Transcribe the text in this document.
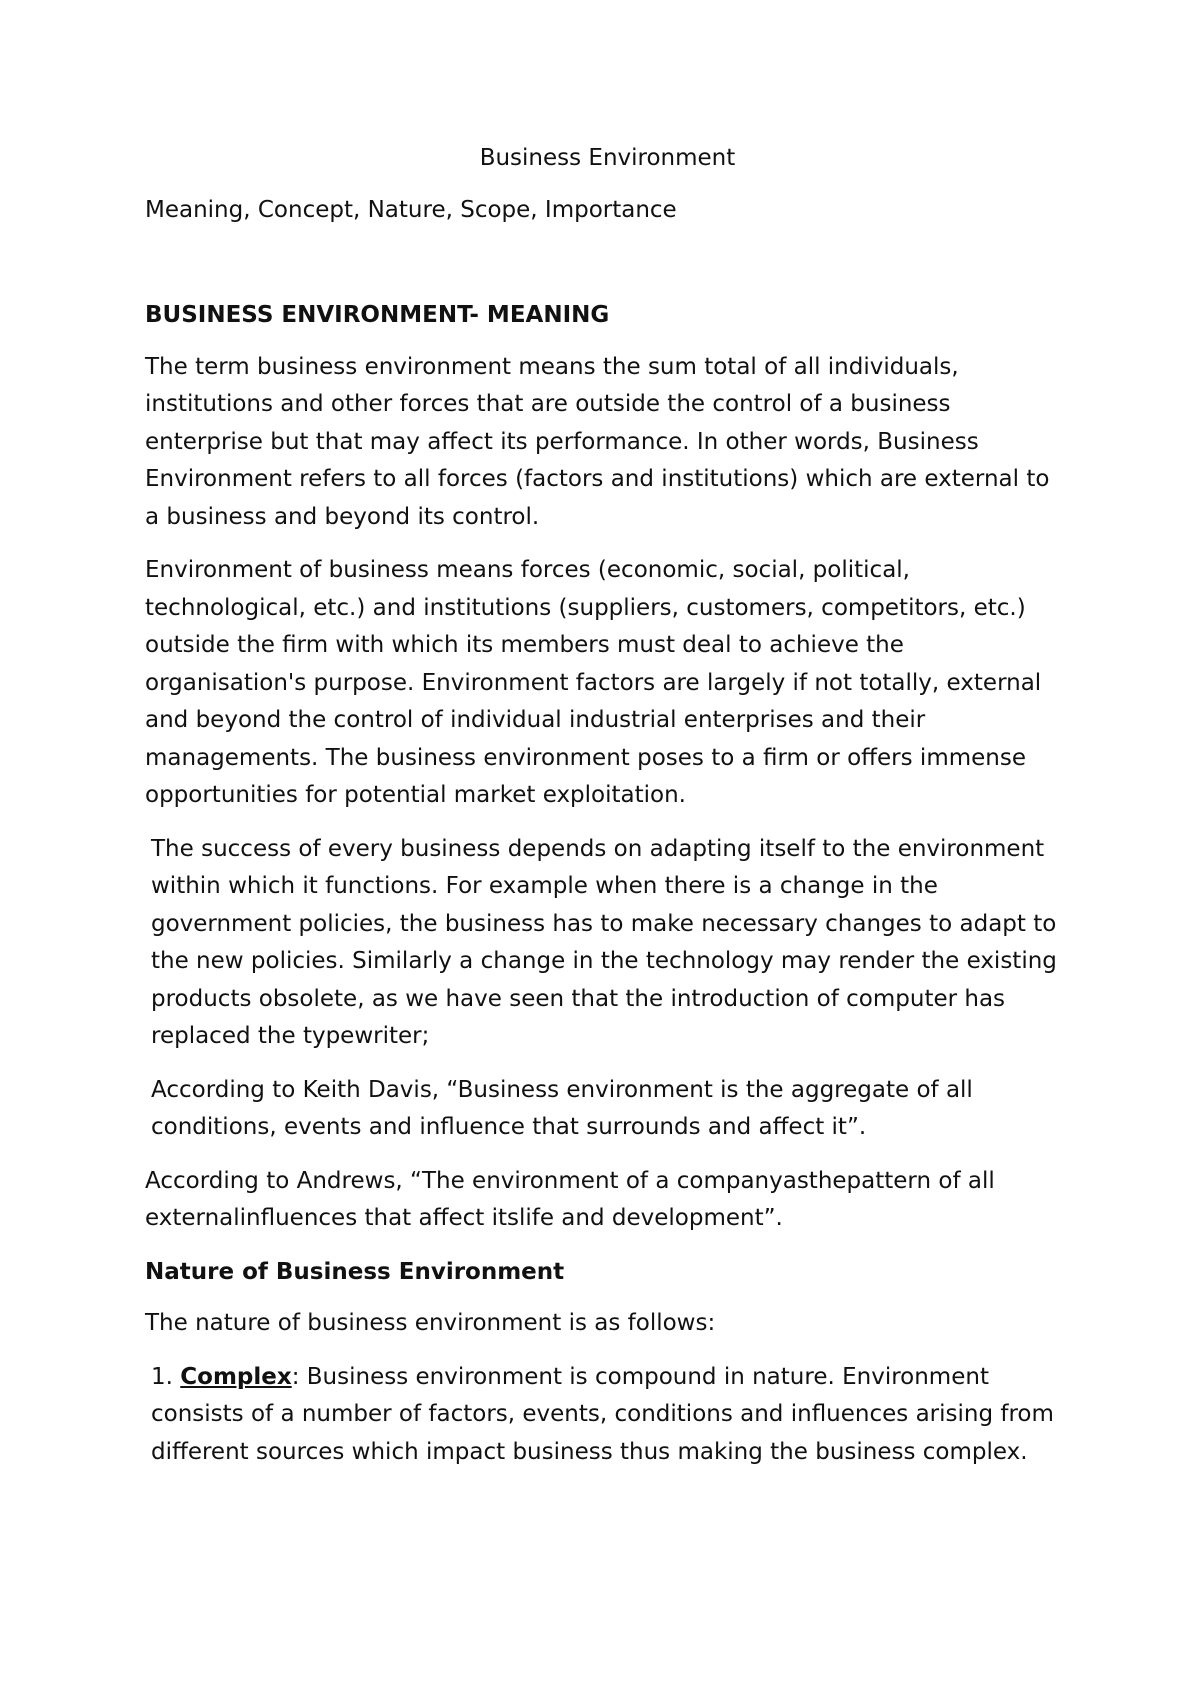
Business Environment

Meaning, Concept, Nature, Scope, Importance

BUSINESS ENVIRONMENT- MEANING

The term business environment means the sum total of all individuals, institutions and other forces that are outside the control of a business enterprise but that may affect its performance. In other words, Business Environment refers to all forces (factors and institutions) which are external to a business and beyond its control.

Environment of business means forces (economic, social, political, technological, etc.) and institutions (suppliers, customers, competitors, etc.) outside the firm with which its members must deal to achieve the organisation's purpose. Environment factors are largely if not totally, external and beyond the control of individual industrial enterprises and their managements. The business environment poses to a firm or offers immense opportunities for potential market exploitation.

The success of every business depends on adapting itself to the environment within which it functions. For example when there is a change in the government policies, the business has to make necessary changes to adapt to the new policies. Similarly a change in the technology may render the existing products obsolete, as we have seen that the introduction of computer has replaced the typewriter;

According to Keith Davis, “Business environment is the aggregate of all conditions, events and influence that surrounds and affect it”.

According to Andrews, “The environment of a companyasthepattern of all externalinfluences that affect itslife and development”.

Nature of Business Environment

The nature of business environment is as follows:

1. Complex: Business environment is compound in nature. Environment consists of a number of factors, events, conditions and influences arising from different sources which impact business thus making the business complex.
